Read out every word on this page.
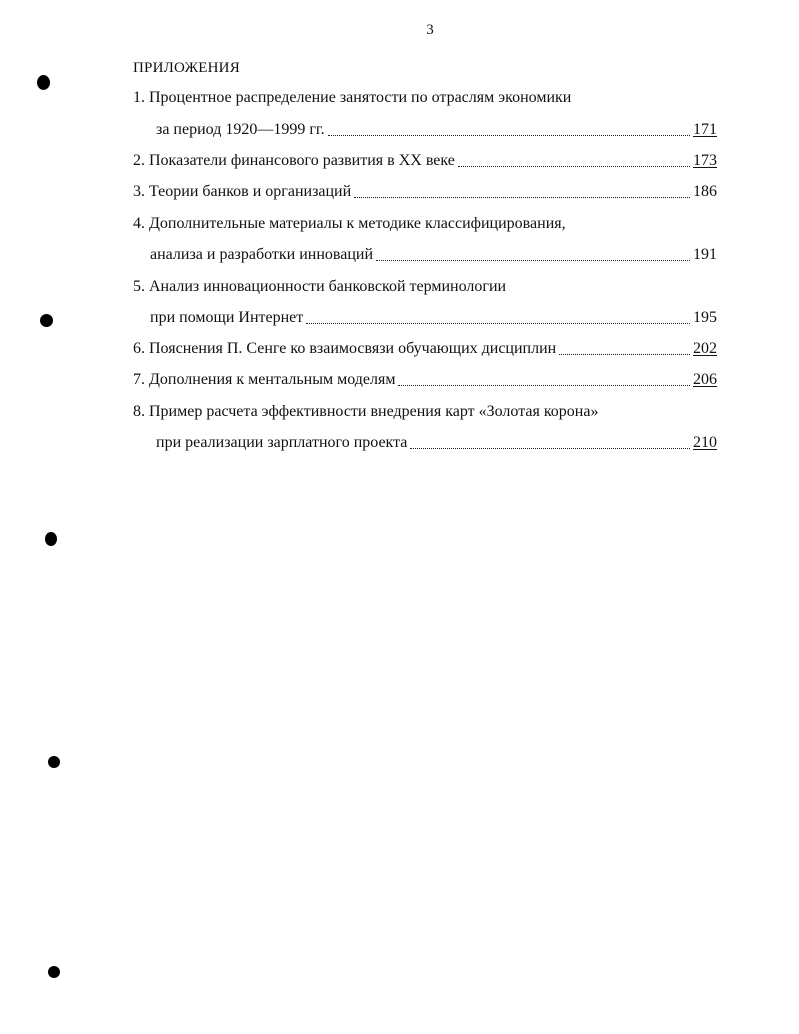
3
ПРИЛОЖЕНИЯ
1. Процентное распределение занятости по отраслям экономики
за период 1920—1999 гг.	171
2. Показатели финансового развития в XX веке	173
3. Теории банков и организаций	186
4. Дополнительные материалы к методике классифицирования,
анализа и разработки инноваций	191
5. Анализ инновационности банковской терминологии
при помощи Интернет	195
6. Пояснения П. Сенге ко взаимосвязи обучающих дисциплин	202
7. Дополнения к ментальным моделям	206
8. Пример расчета эффективности внедрения карт «Золотая корона»
при реализации зарплатного проекта	210
